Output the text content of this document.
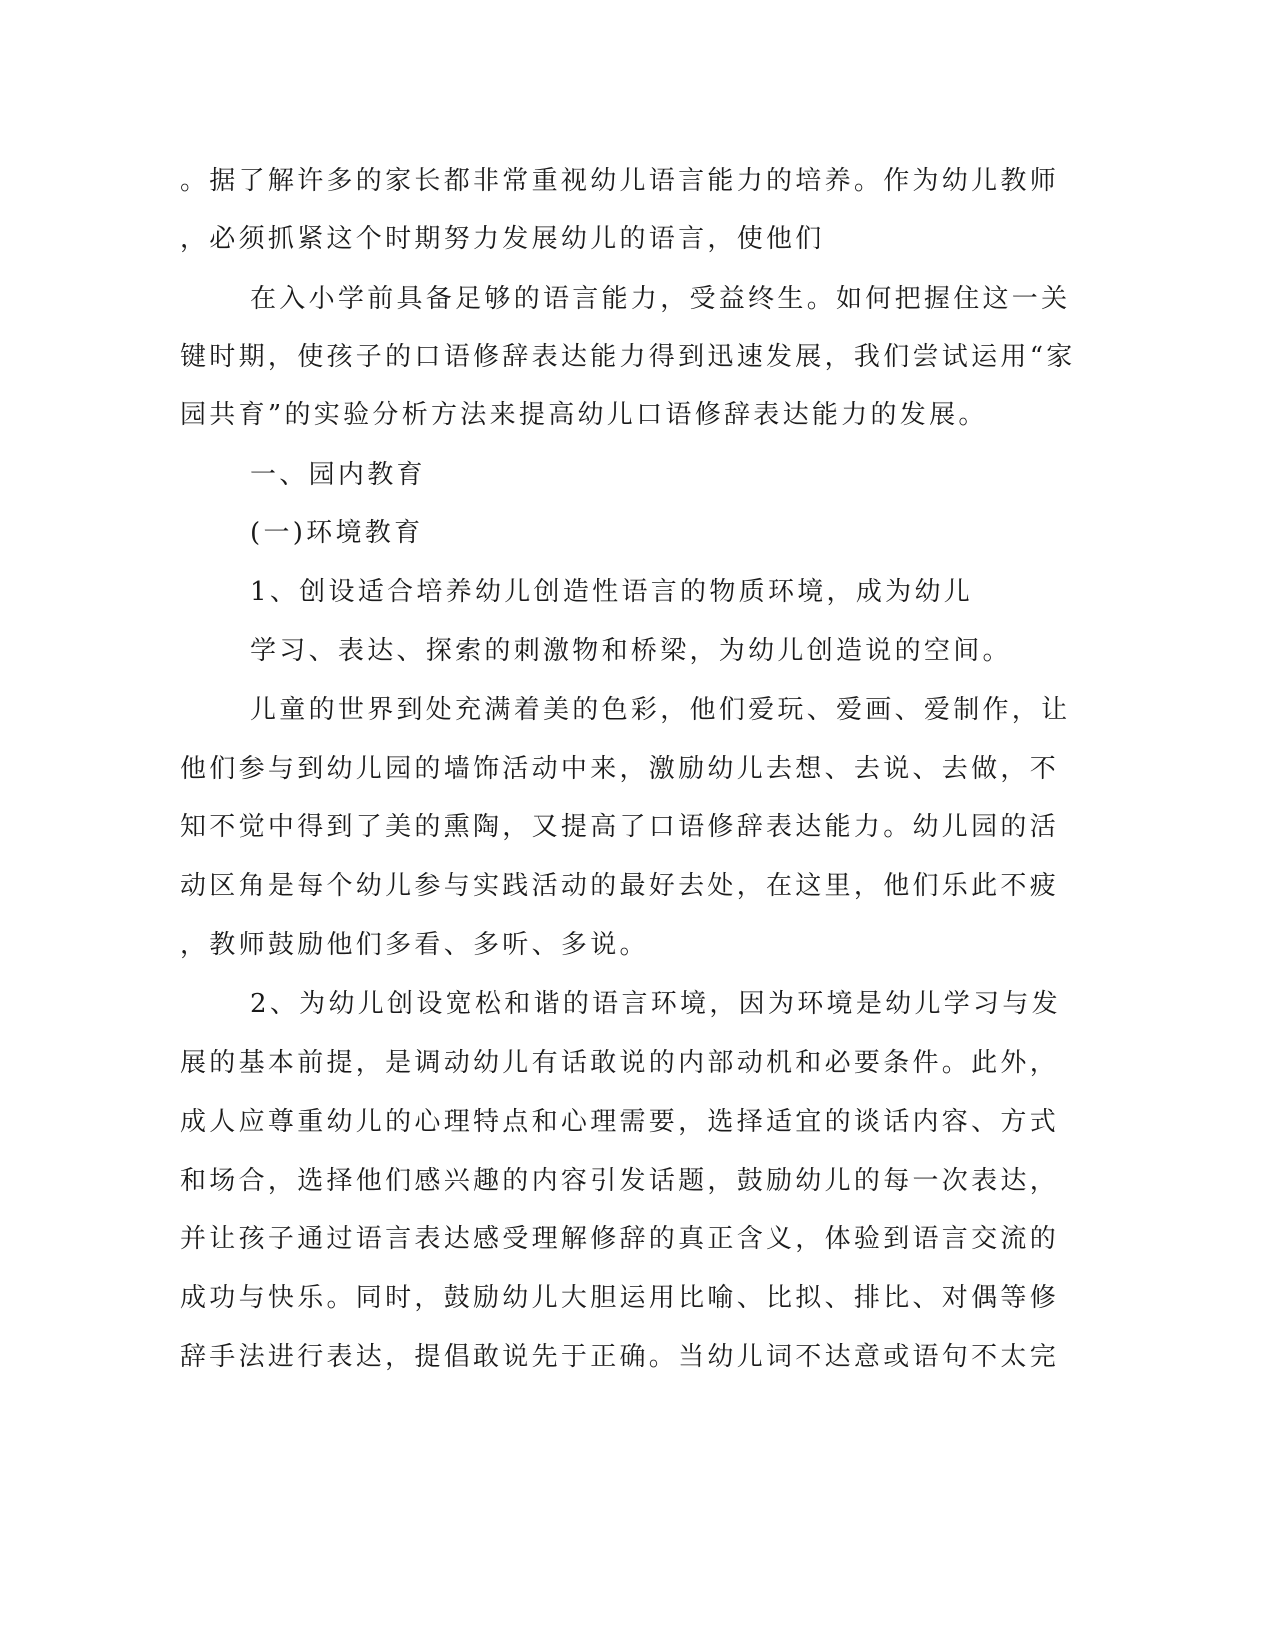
。据了解许多的家长都非常重视幼儿语言能力的培养。作为幼儿教师
，必须抓紧这个时期努力发展幼儿的语言，使他们
在入小学前具备足够的语言能力，受益终生。如何把握住这一关
键时期，使孩子的口语修辞表达能力得到迅速发展，我们尝试运用“家
园共育”的实验分析方法来提高幼儿口语修辞表达能力的发展。
一、园内教育
(一)环境教育
1、创设适合培养幼儿创造性语言的物质环境，成为幼儿
学习、表达、探索的刺激物和桥梁，为幼儿创造说的空间。
儿童的世界到处充满着美的色彩，他们爱玩、爱画、爱制作，让
他们参与到幼儿园的墙饰活动中来，激励幼儿去想、去说、去做，不
知不觉中得到了美的熏陶，又提高了口语修辞表达能力。幼儿园的活
动区角是每个幼儿参与实践活动的最好去处，在这里，他们乐此不疲
，教师鼓励他们多看、多听、多说。
2、为幼儿创设宽松和谐的语言环境，因为环境是幼儿学习与发
展的基本前提，是调动幼儿有话敢说的内部动机和必要条件。此外，
成人应尊重幼儿的心理特点和心理需要，选择适宜的谈话内容、方式
和场合，选择他们感兴趣的内容引发话题，鼓励幼儿的每一次表达，
并让孩子通过语言表达感受理解修辞的真正含义，体验到语言交流的
成功与快乐。同时，鼓励幼儿大胆运用比喻、比拟、排比、对偶等修
辞手法进行表达，提倡敢说先于正确。当幼儿词不达意或语句不太完
